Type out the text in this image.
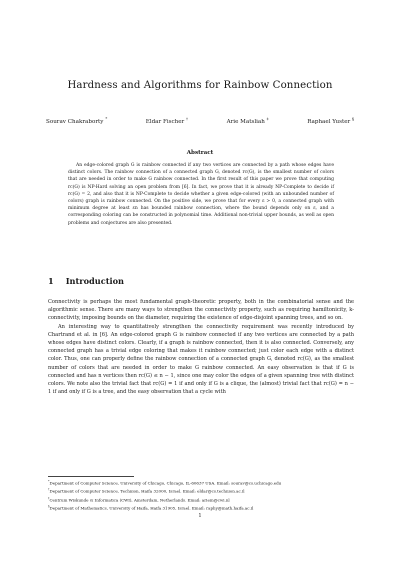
Hardness and Algorithms for Rainbow Connection
Sourav Chakraborty *
Eldar Fischer †
Arie Matsliah ‡
Raphael Yuster §
Abstract

An edge-colored graph G is rainbow connected if any two vertices are connected by a path whose edges have distinct colors. The rainbow connection of a connected graph G, denoted rc(G), is the smallest number of colors that are needed in order to make G rainbow connected. In the first result of this paper we prove that computing rc(G) is NP-Hard solving an open problem from [6]. In fact, we prove that it is already NP-Complete to decide if rc(G) = 2, and also that it is NP-Complete to decide whether a given edge-colored (with an unbounded number of colors) graph is rainbow connected. On the positive side, we prove that for every ε > 0, a connected graph with minimum degree at least εn has bounded rainbow connection, where the bound depends only on ε, and a corresponding coloring can be constructed in polynomial time. Additional non-trivial upper bounds, as well as open problems and conjectures are also presented.

1 Introduction

Connectivity is perhaps the most fundamental graph-theoretic property, both in the combinatorial sense and the algorithmic sense. There are many ways to strengthen the connectivity property, such as requiring hamiltonicity, k-connectivity, imposing bounds on the diameter, requiring the existence of edge-disjoint spanning trees, and so on.

An interesting way to quantitatively strengthen the connectivity requirement was recently introduced by Chartrand et al. in [6]. An edge-colored graph G is rainbow connected if any two vertices are connected by a path whose edges have distinct colors. Clearly, if a graph is rainbow connected, then it is also connected. Conversely, any connected graph has a trivial edge coloring that makes it rainbow connected; just color each edge with a distinct color. Thus, one can properly define the rainbow connection of a connected graph G, denoted rc(G), as the smallest number of colors that are needed in order to make G rainbow connected. An easy observation is that if G is connected and has n vertices then rc(G) ≤ n − 1, since one may color the edges of a given spanning tree with distinct colors. We note also the trivial fact that rc(G) = 1 if and only if G is a clique, the (almost) trivial fact that rc(G) = n − 1 if and only if G is a tree, and the easy observation that a cycle with

*Department of Computer Science, University of Chicago, Chicago, IL-60637 USA. Email: sourav@cs.uchicago.edu
†Department of Computer Science, Technion, Haifa 32000, Israel. Email: eldar@cs.technion.ac.il
‡Centrum Wiskunde & Informatica (CWI), Amsterdam, Netherlands. Email: ariem@cwi.nl
§Department of Mathematics, University of Haifa, Haifa 31905, Israel. Email: raphy@math.haifa.ac.il
1
